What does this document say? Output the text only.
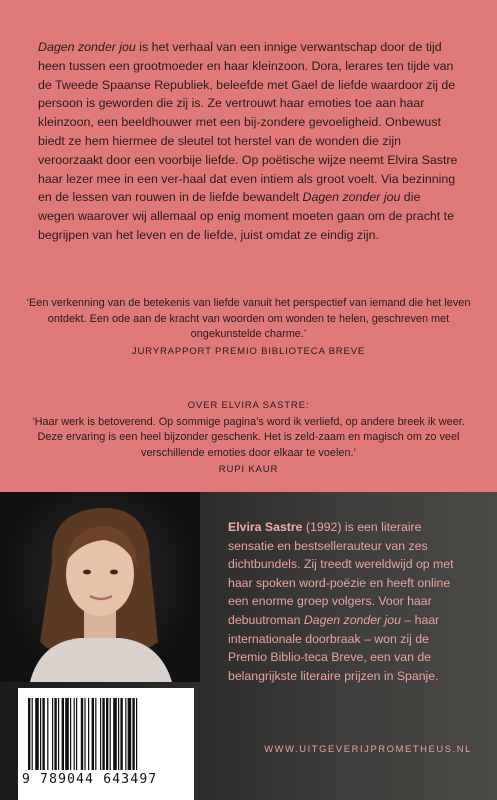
Dagen zonder jou is het verhaal van een innige verwantschap door de tijd heen tussen een grootmoeder en haar kleinzoon. Dora, lerares ten tijde van de Tweede Spaanse Republiek, beleefde met Gael de liefde waardoor zij de persoon is geworden die zij is. Ze vertrouwt haar emoties toe aan haar kleinzoon, een beeldhouwer met een bij-zondere gevoeligheid. Onbewust biedt ze hem hiermee de sleutel tot herstel van de wonden die zijn veroorzaakt door een voorbije liefde. Op poëtische wijze neemt Elvira Sastre haar lezer mee in een ver-haal dat even intiem als groot voelt. Via bezinning en de lessen van rouwen in de liefde bewandelt Dagen zonder jou die wegen waarover wij allemaal op enig moment moeten gaan om de pracht te begrijpen van het leven en de liefde, juist omdat ze eindig zijn.

‘Een verkenning van de betekenis van liefde vanuit het perspectief van iemand die het leven ontdekt. Een ode aan de kracht van woorden om wonden te helen, geschreven met ongekunstelde charme.’
JURYRAPPORT PREMIO BIBLIOTECA BREVE

OVER ELVIRA SASTRE:
‘Haar werk is betoverend. Op sommige pagina’s word ik verliefd, op andere breek ik weer. Deze ervaring is een heel bijzonder geschenk. Het is zeld-zaam en magisch om zo veel verschillende emoties door elkaar te voelen.’
RUPI KAUR

Elvira Sastre (1992) is een literaire sensatie en bestsellerauteur van zes dichtbundels. Zij treedt wereldwijd op met haar spoken word-poëzie en heeft online een enorme groep volgers. Voor haar debuutroman Dagen zonder jou – haar internationale doorbraak – won zij de Premio Biblio-teca Breve, een van de belangrijkste literaire prijzen in Spanje.

9 789044 643497
WWW.UITGEVERIJPROMETHEUS.NL
